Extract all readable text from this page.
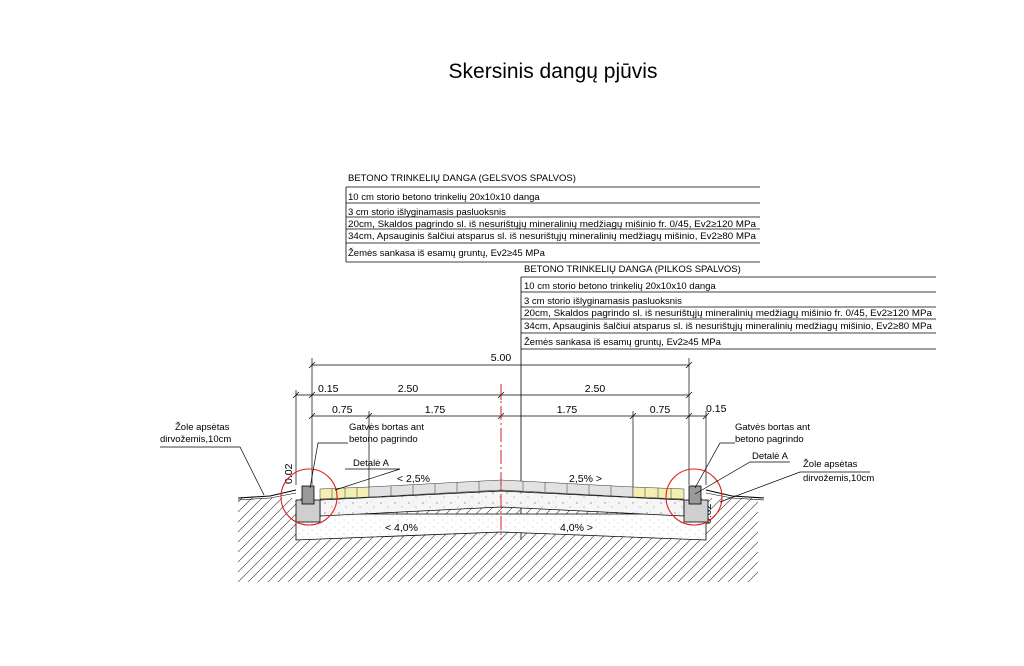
Skersinis dangų pjūvis
BETONO TRINKELIŲ DANGA (GELSVOS SPALVOS)
10 cm storio betono trinkelių 20x10x10 danga
3 cm storio išlyginamasis pasluoksnis
20cm, Skaldos pagrindo sl. iš nesurištųjų mineralinių medžiagų mišinio fr. 0/45, Ev2≥120 MPa
34cm, Apsauginis šalčiui atsparus sl. iš nesurištųjų mineralinių medžiagų mišinio, Ev2≥80 MPa
Žemės sankasa iš esamų gruntų, Ev2≥45 MPa
BETONO TRINKELIŲ DANGA (PILKOS SPALVOS)
10 cm storio betono trinkelių 20x10x10 danga
3 cm storio išlyginamasis pasluoksnis
20cm, Skaldos pagrindo sl. iš nesurištųjų mineralinių medžiagų mišinio fr. 0/45, Ev2≥120 MPa
34cm, Apsauginis šalčiui atsparus sl. iš nesurištųjų mineralinių medžiagų mišinio, Ev2≥80 MPa
Žemės sankasa iš esamų gruntų, Ev2≥45 MPa
5.00
0.15	2.50	2.50
0.15
0.75	1.75	1.75	0.75
0.02	< 2,5%	2,5% >
< 4,0%	4,0% >
Žole apsėtas
dirvožemis,10cm
Gatvės bortas ant
betono pagrindo
Detalė A
Gatvės bortas ant
betono pagrindo
Detalė A
Žole apsėtas
dirvožemis,10cm
